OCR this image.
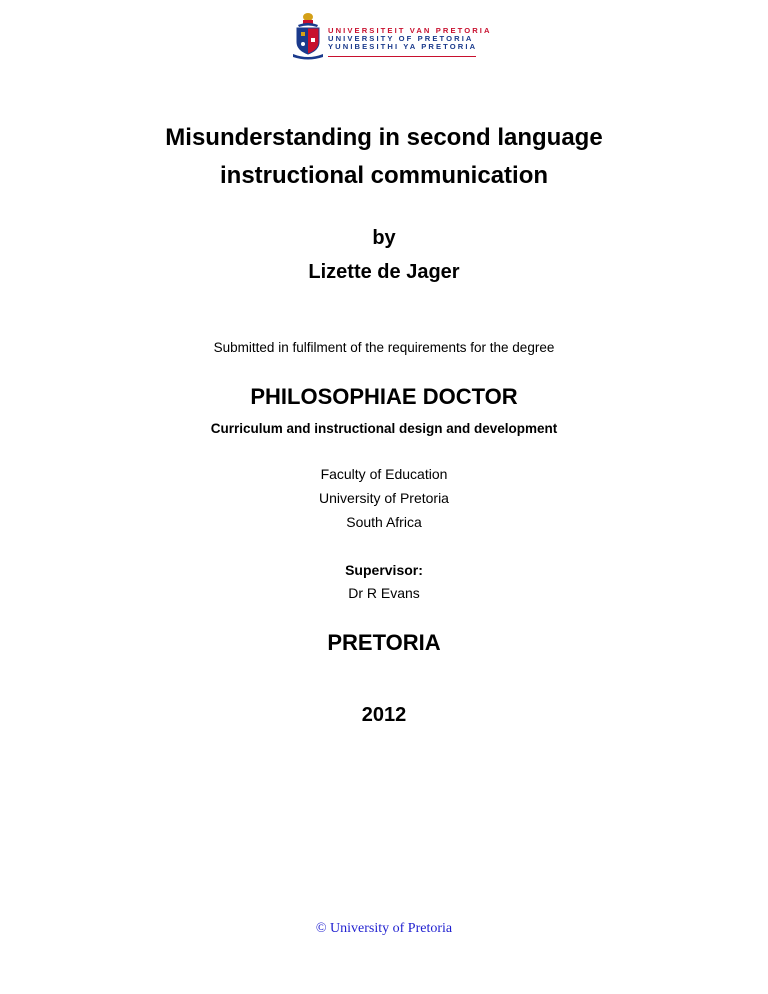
UNIVERSITEIT VAN PRETORIA
UNIVERSITY OF PRETORIA
YUNIBESITHI YA PRETORIA
Misunderstanding in second language
instructional communication
by
Lizette de Jager
Submitted in fulfilment of the requirements for the degree
PHILOSOPHIAE DOCTOR
Curriculum and instructional design and development
Faculty of Education
University of Pretoria
South Africa
Supervisor:
Dr R Evans
PRETORIA
2012
© University of Pretoria
